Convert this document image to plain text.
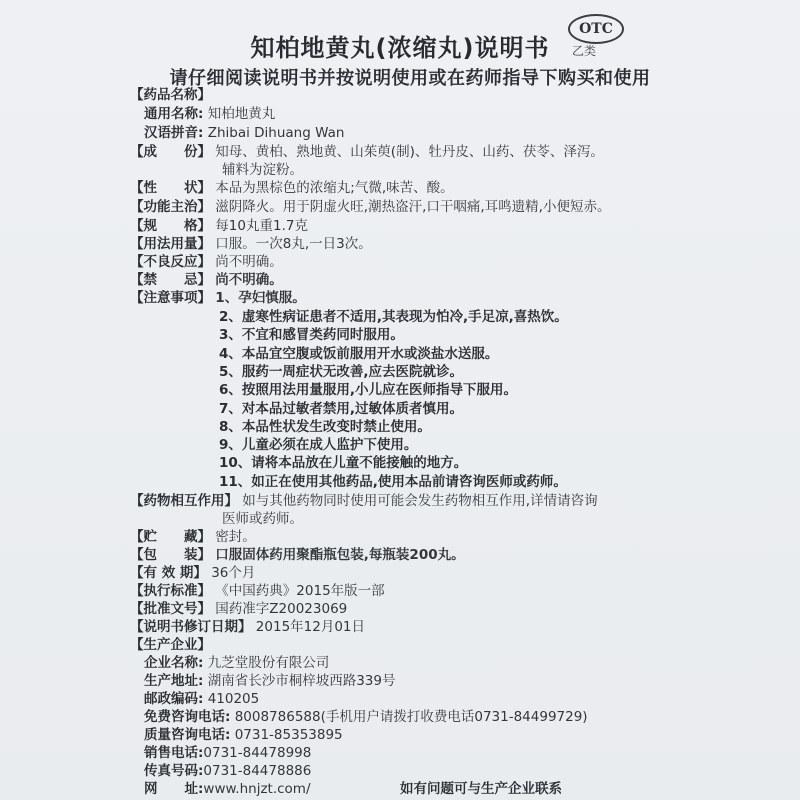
知柏地黄丸(浓缩丸)说明书
OTC
乙类
请仔细阅读说明书并按说明使用或在药师指导下购买和使用
【药品名称】
通用名称: 知柏地黄丸
汉语拼音: Zhibai Dihuang Wan
【成　　份】 知母、黄柏、熟地黄、山茱萸(制)、牡丹皮、山药、茯苓、泽泻。
辅料为淀粉。
【性　　状】 本品为黑棕色的浓缩丸;气微,味苦、酸。
【功能主治】 滋阴降火。用于阴虚火旺,潮热盗汗,口干咽痛,耳鸣遗精,小便短赤。
【规　　格】 每10丸重1.7克
【用法用量】 口服。一次8丸,一日3次。
【不良反应】 尚不明确。
【禁　　忌】 尚不明确。
【注意事项】 1、孕妇慎服。
2、虚寒性病证患者不适用,其表现为怕冷,手足凉,喜热饮。
3、不宜和感冒类药同时服用。
4、本品宜空腹或饭前服用开水或淡盐水送服。
5、服药一周症状无改善,应去医院就诊。
6、按照用法用量服用,小儿应在医师指导下服用。
7、对本品过敏者禁用,过敏体质者慎用。
8、本品性状发生改变时禁止使用。
9、儿童必须在成人监护下使用。
10、请将本品放在儿童不能接触的地方。
11、如正在使用其他药品,使用本品前请咨询医师或药师。
【药物相互作用】 如与其他药物同时使用可能会发生药物相互作用,详情请咨询
医师或药师。
【贮　　藏】 密封。
【包　　装】 口服固体药用聚酯瓶包装,每瓶装200丸。
【有 效 期】 36个月
【执行标准】 《中国药典》2015年版一部
【批准文号】 国药准字Z20023069
【说明书修订日期】 2015年12月01日
【生产企业】
企业名称: 九芝堂股份有限公司
生产地址: 湖南省长沙市桐梓坡西路339号
邮政编码: 410205
免费咨询电话: 8008786588(手机用户请拨打收费电话0731-84499729)
质量咨询电话: 0731-85353895
销售电话:0731-84478998
传真号码:0731-84478886
网　　址:www.hnjzt.com/	如有问题可与生产企业联系
